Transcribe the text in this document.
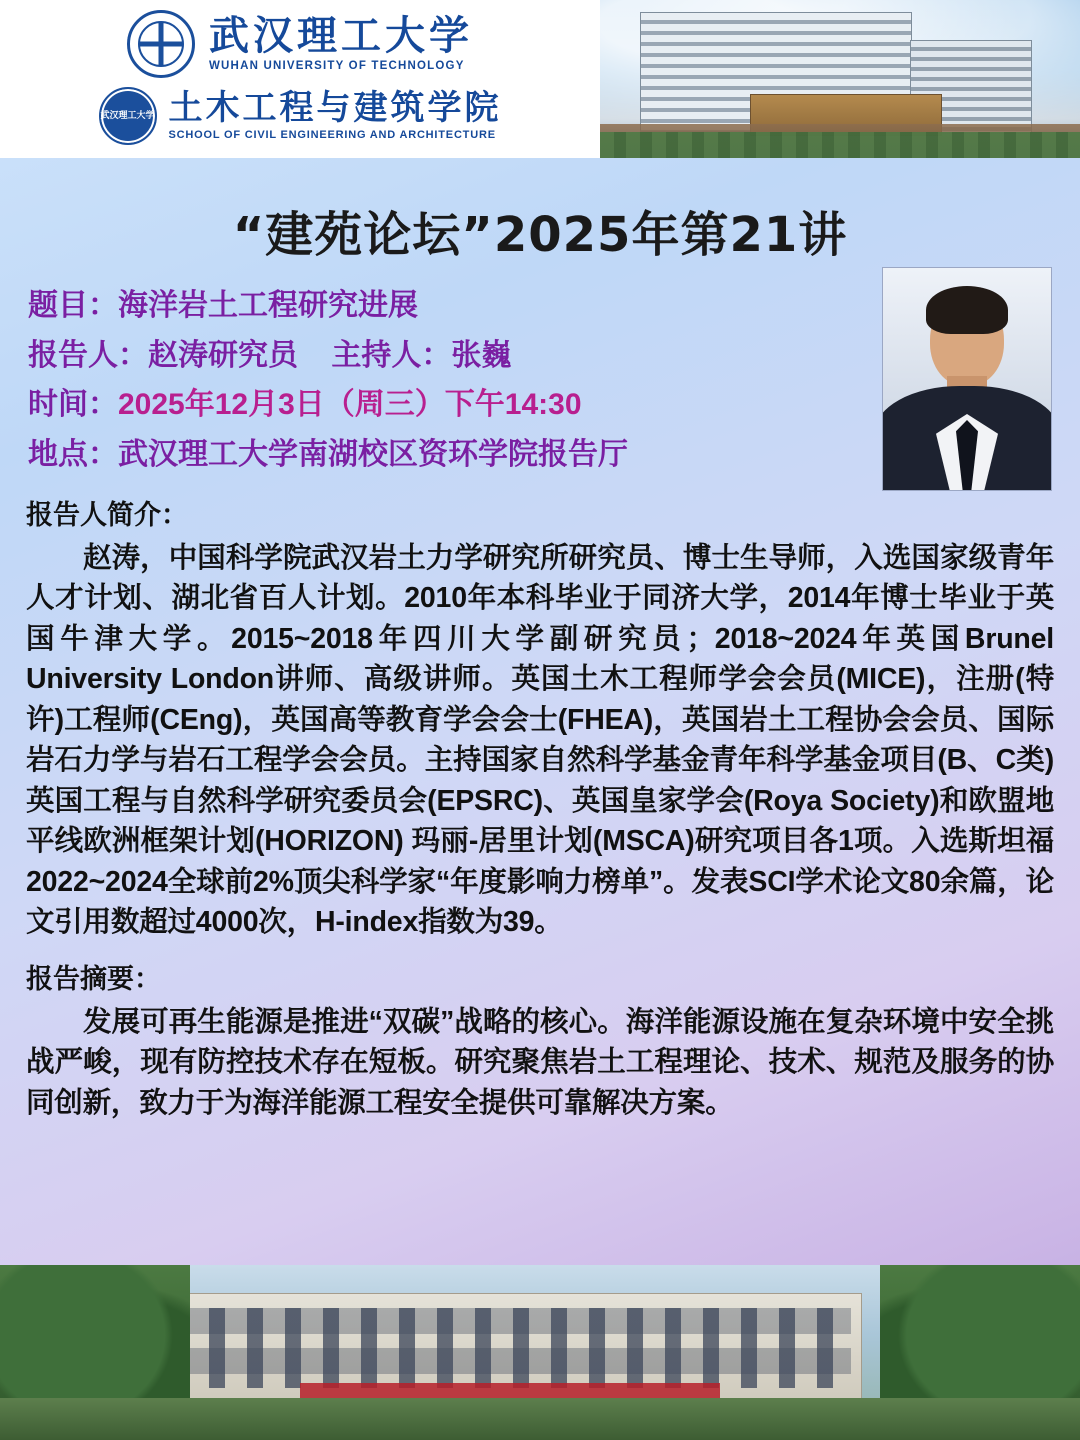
武汉理工大学
WUHAN UNIVERSITY OF TECHNOLOGY
武汉理工大学 土木工程与建筑学院
SCHOOL OF CIVIL ENGINEERING AND ARCHITECTURE
“建苑论坛”2025年第21讲
题目：海洋岩土工程研究进展
报告人：赵涛研究员 主持人：张巍
时间：2025年12月3日（周三）下午14:30
地点：武汉理工大学南湖校区资环学院报告厅
报告人简介：
赵涛，中国科学院武汉岩土力学研究所研究员、博士生导师，入选国家级青年人才计划、湖北省百人计划。2010年本科毕业于同济大学，2014年博士毕业于英国牛津大学。2015~2018年四川大学副研究员；2018~2024年英国Brunel University London讲师、高级讲师。英国土木工程师学会会员(MICE)，注册(特许)工程师(CEng)，英国高等教育学会会士(FHEA)，英国岩土工程协会会员、国际岩石力学与岩石工程学会会员。主持国家自然科学基金青年科学基金项目(B、C类)英国工程与自然科学研究委员会(EPSRC)、英国皇家学会(Roya Society)和欧盟地平线欧洲框架计划(HORIZON) 玛丽-居里计划(MSCA)研究项目各1项。入选斯坦福2022~2024全球前2%顶尖科学家“年度影响力榜单”。发表SCI学术论文80余篇，论文引用数超过4000次，H-index指数为39。
报告摘要：
发展可再生能源是推进“双碳”战略的核心。海洋能源设施在复杂环境中安全挑战严峻，现有防控技术存在短板。研究聚焦岩土工程理论、技术、规范及服务的协同创新，致力于为海洋能源工程安全提供可靠解决方案。
